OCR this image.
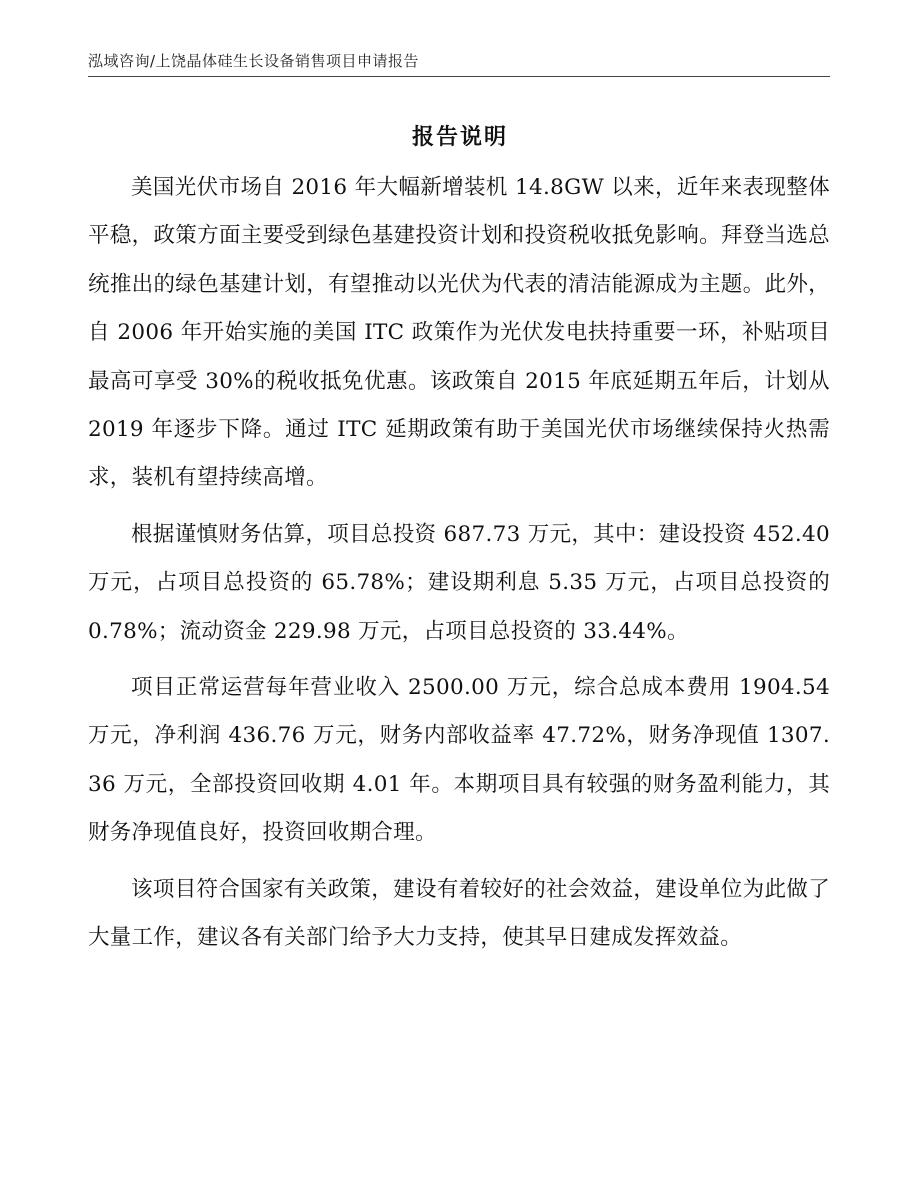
泓域咨询/上饶晶体硅生长设备销售项目申请报告
报告说明

美国光伏市场自 2016 年大幅新增装机 14.8GW 以来，近年来表现整体平稳，政策方面主要受到绿色基建投资计划和投资税收抵免影响。拜登当选总统推出的绿色基建计划，有望推动以光伏为代表的清洁能源成为主题。此外，自 2006 年开始实施的美国 ITC 政策作为光伏发电扶持重要一环，补贴项目最高可享受 30%的税收抵免优惠。该政策自 2015 年底延期五年后，计划从 2019 年逐步下降。通过 ITC 延期政策有助于美国光伏市场继续保持火热需求，装机有望持续高增。

根据谨慎财务估算，项目总投资 687.73 万元，其中：建设投资 452.40 万元，占项目总投资的 65.78%；建设期利息 5.35 万元，占项目总投资的 0.78%；流动资金 229.98 万元，占项目总投资的 33.44%。

项目正常运营每年营业收入 2500.00 万元，综合总成本费用 1904.54 万元，净利润 436.76 万元，财务内部收益率 47.72%，财务净现值 1307.36 万元，全部投资回收期 4.01 年。本期项目具有较强的财务盈利能力，其财务净现值良好，投资回收期合理。

该项目符合国家有关政策，建设有着较好的社会效益，建设单位为此做了大量工作，建议各有关部门给予大力支持，使其早日建成发挥效益。
